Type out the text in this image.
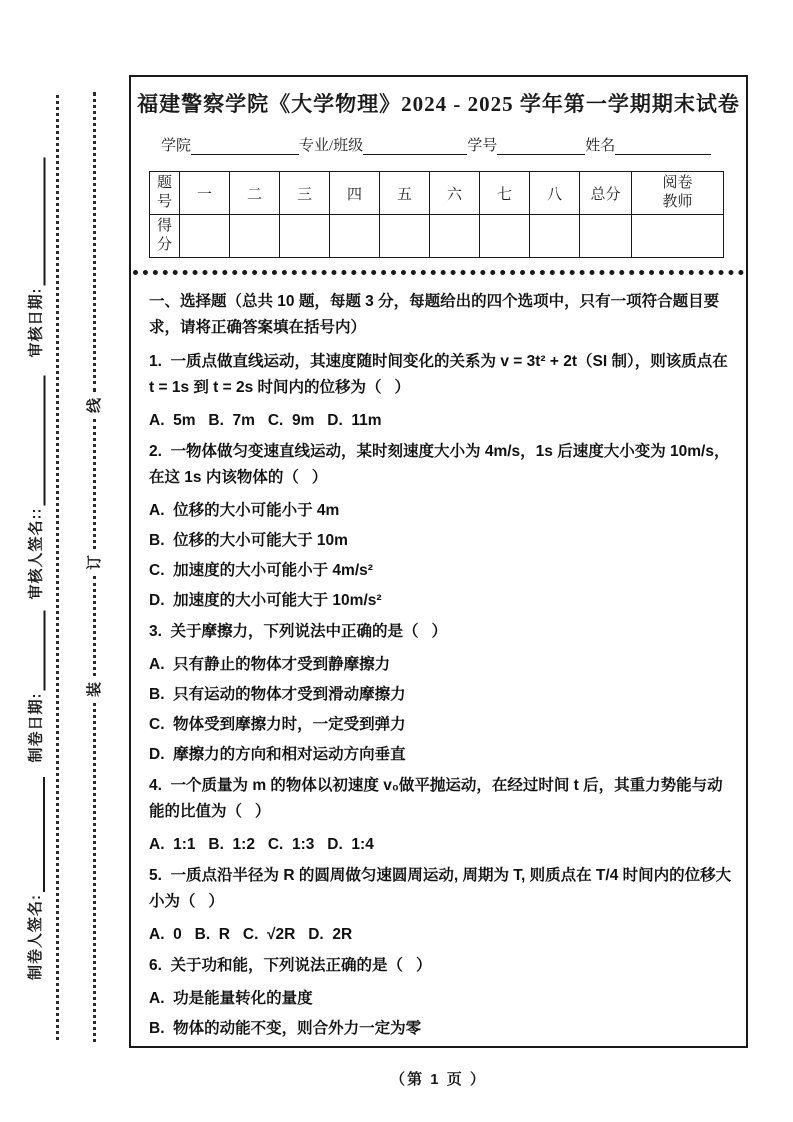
审核日期:
审核人签名::
制卷日期:
制卷人签名:
线
订
装
福建警察学院《大学物理》2024 - 2025 学年第一学期期末试卷
学院	专业/班级	学号	姓名
题号	一	二	三	四	五	六	七	八	总分	阅卷教师
得分										

一、选择题（总共 10 题，每题 3 分，每题给出的四个选项中，只有一项符合题目要求，请将正确答案填在括号内）

1.  一质点做直线运动，其速度随时间变化的关系为 v = 3t² + 2t（SI 制），则该质点在 t = 1s 到 t = 2s 时间内的位移为（   ）

A.  5m   B.  7m   C.  9m   D.  11m

2.  一物体做匀变速直线运动，某时刻速度大小为 4m/s，1s 后速度大小变为 10m/s，在这 1s 内该物体的（   ）

A.  位移的大小可能小于 4m

B.  位移的大小可能大于 10m

C.  加速度的大小可能小于 4m/s²

D.  加速度的大小可能大于 10m/s²

3.  关于摩擦力，下列说法中正确的是（   ）

A.  只有静止的物体才受到静摩擦力

B.  只有运动的物体才受到滑动摩擦力

C.  物体受到摩擦力时，一定受到弹力

D.  摩擦力的方向和相对运动方向垂直

4.  一个质量为 m 的物体以初速度 v₀做平抛运动，在经过时间 t 后，其重力势能与动能的比值为（   ）

A.  1:1   B.  1:2   C.  1:3   D.  1:4

5.  一质点沿半径为 R 的圆周做匀速圆周运动, 周期为 T, 则质点在 T/4 时间内的位移大小为（   ）

A.  0   B.  R   C.  √2R   D.  2R

6.  关于功和能，下列说法正确的是（   ）

A.  功是能量转化的量度

B.  物体的动能不变，则合外力一定为零

（第 1 页 ）
